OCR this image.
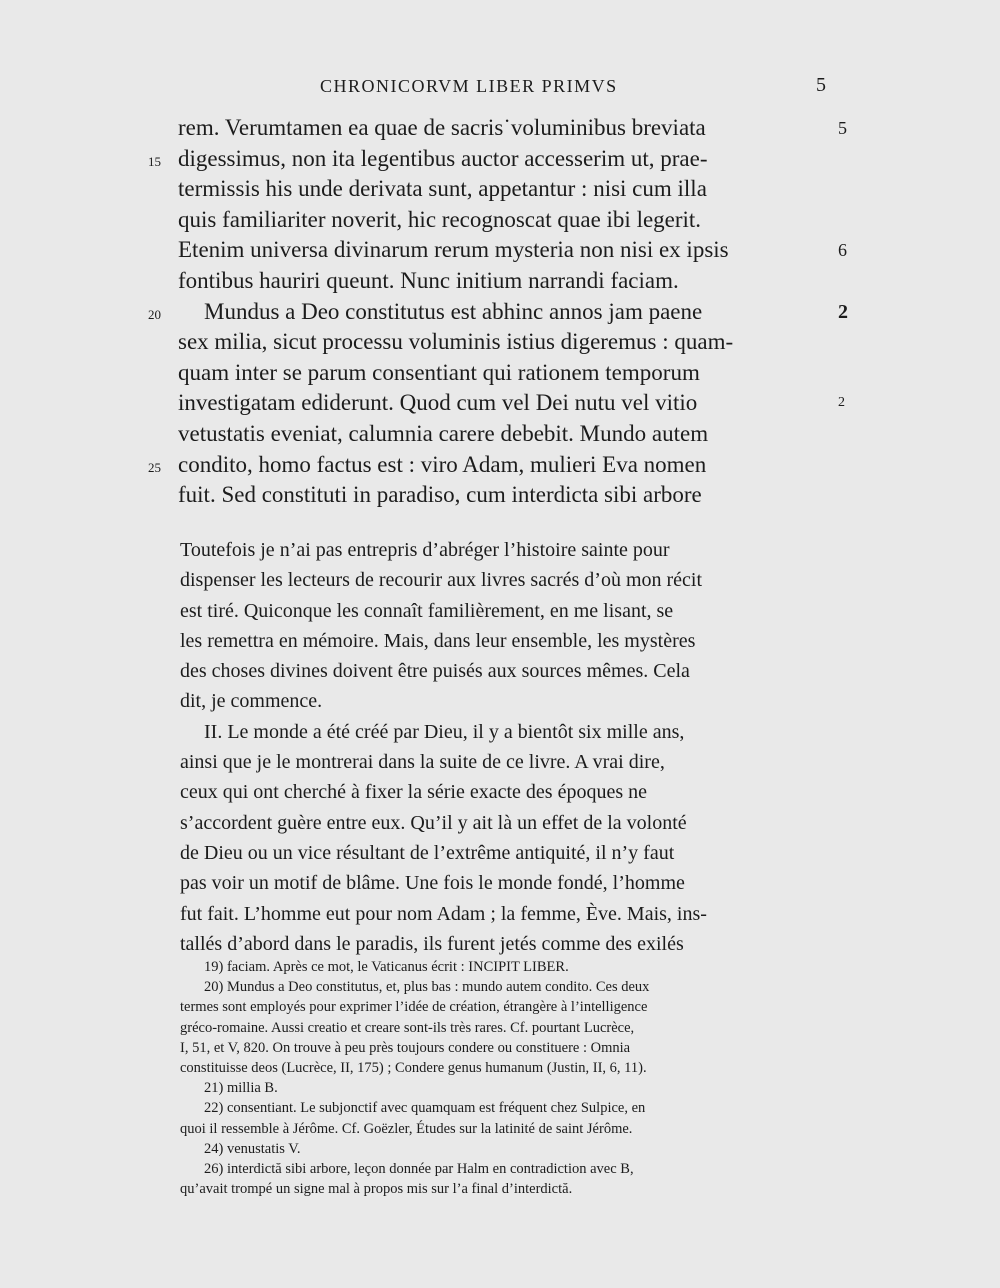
CHRONICORVM LIBER PRIMVS	5
rem. Verumtamen ea quae de sacris˙voluminibus breviata	5
digessimus, non ita legentibus auctor accesserim ut, prae-
15
termissis his unde derivata sunt, appetantur : nisi cum illa
quis familiariter noverit, hic recognoscat quae ibi legerit.
Etenim universa divinarum rerum mysteria non nisi ex ipsis	6
fontibus hauriri queunt. Nunc initium narrandi faciam.
Mundus a Deo constitutus est abhinc annos jam paene
20	2
sex milia, sicut processu voluminis istius digeremus : quam-
quam inter se parum consentiant qui rationem temporum
investigatam ediderunt. Quod cum vel Dei nutu vel vitio	2
vetustatis eveniat, calumnia carere debebit. Mundo autem
condito, homo factus est : viro Adam, mulieri Eva nomen
25
fuit. Sed constituti in paradiso, cum interdicta sibi arbore
Toutefois je n’ai pas entrepris d’abréger l’histoire sainte pour
dispenser les lecteurs de recourir aux livres sacrés d’où mon récit
est tiré. Quiconque les connaît familièrement, en me lisant, se
les remettra en mémoire. Mais, dans leur ensemble, les mystères
des choses divines doivent être puisés aux sources mêmes. Cela
dit, je commence.
II. Le monde a été créé par Dieu, il y a bientôt six mille ans,
ainsi que je le montrerai dans la suite de ce livre. A vrai dire,
ceux qui ont cherché à fixer la série exacte des époques ne
s’accordent guère entre eux. Qu’il y ait là un effet de la volonté
de Dieu ou un vice résultant de l’extrême antiquité, il n’y faut
pas voir un motif de blâme. Une fois le monde fondé, l’homme
fut fait. L’homme eut pour nom Adam ; la femme, Ève. Mais, ins-
tallés d’abord dans le paradis, ils furent jetés comme des exilés
19) faciam. Après ce mot, le Vaticanus écrit : INCIPIT LIBER.
20) Mundus a Deo constitutus, et, plus bas : mundo autem condito. Ces deux
termes sont employés pour exprimer l’idée de création, étrangère à l’intelligence
gréco-romaine. Aussi creatio et creare sont-ils très rares. Cf. pourtant Lucrèce,
I, 51, et V, 820. On trouve à peu près toujours condere ou constituere : Omnia
constituisse deos (Lucrèce, II, 175) ; Condere genus humanum (Justin, II, 6, 11).
21) millia B.
22) consentiant. Le subjonctif avec quamquam est fréquent chez Sulpice, en
quoi il ressemble à Jérôme. Cf. Goëzler, Études sur la latinité de saint Jérôme.
24) venustatis V.
26) interdictă sibi arbore, leçon donnée par Halm en contradiction avec B,
qu’avait trompé un signe mal à propos mis sur l’a final d’interdictă.
